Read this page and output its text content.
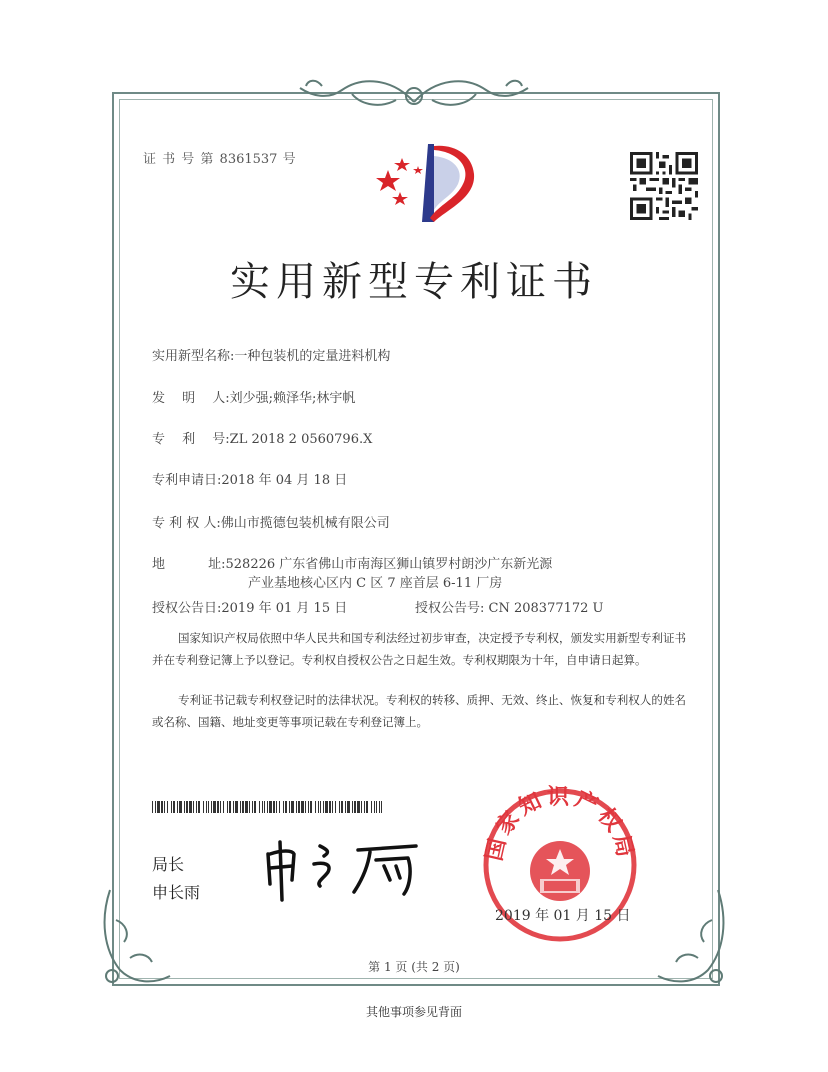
证 书 号 第 8361537 号
实用新型专利证书
实用新型名称:一种包装机的定量进料机构
发　 明　 人:刘少强;赖泽华;林宇帆
专　 利　 号:ZL 2018 2 0560796.X
专利申请日:2018 年 04 月 18 日
专 利 权 人:佛山市揽德包装机械有限公司
地　　　 址:528226 广东省佛山市南海区狮山镇罗村朗沙广东新光源
产业基地核心区内 C 区 7 座首层 6-11 厂房
授权公告日:2019 年 01 月 15 日	授权公告号: CN 208377172 U
国家知识产权局依照中华人民共和国专利法经过初步审查，决定授予专利权，颁发实用新型专利证书并在专利登记簿上予以登记。专利权自授权公告之日起生效。专利权期限为十年，自申请日起算。
专利证书记载专利权登记时的法律状况。专利权的转移、质押、无效、终止、恢复和专利权人的姓名或名称、国籍、地址变更等事项记载在专利登记簿上。
局长
申长雨
国家知识产权局
2019 年 01 月 15 日
第 1 页 (共 2 页)
其他事项参见背面
